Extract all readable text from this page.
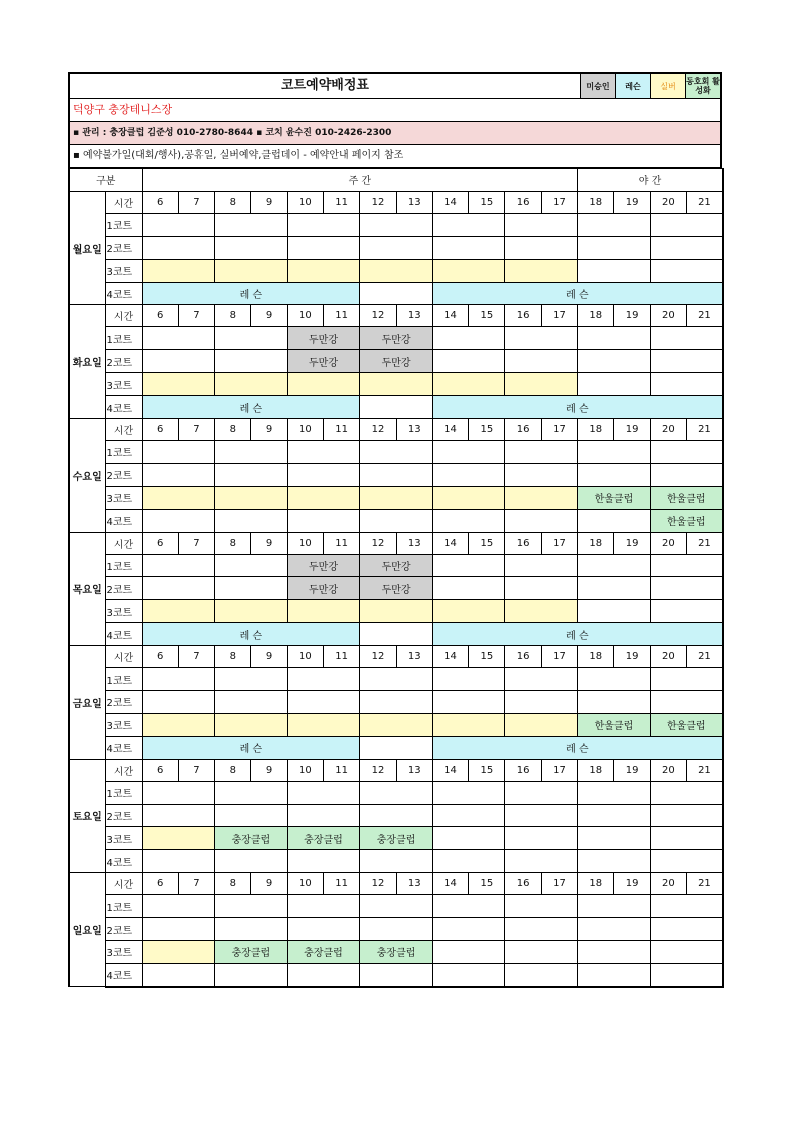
코트예약배정표	미승인	레슨	실버	동호회 활성화
덕양구 충장테니스장
▪ 관리 : 충장클럽 김준성 010-2780-8644 ▪ 코치 윤수진 010-2426-2300
▪ 예약불가일(대회/행사),공휴일, 실버예약,클럽데이 - 예약안내 페이지 참조
구분		주 간												야 간			
월요일	시간	6	7	8	9	10	11	12	13	14	15	16	17	18	19	20	21
	1코트																
	2코트																
	3코트																
	4코트	레 슨								레 슨							
화요일	시간	6	7	8	9	10	11	12	13	14	15	16	17	18	19	20	21
	1코트					두만강		두만강									
	2코트					두만강		두만강									
	3코트																
	4코트	레 슨								레 슨							
수요일	시간	6	7	8	9	10	11	12	13	14	15	16	17	18	19	20	21
	1코트																
	2코트																
	3코트													한울클럽		한울클럽	
	4코트															한울클럽	
목요일	시간	6	7	8	9	10	11	12	13	14	15	16	17	18	19	20	21
	1코트					두만강		두만강									
	2코트					두만강		두만강									
	3코트																
	4코트	레 슨								레 슨							
금요일	시간	6	7	8	9	10	11	12	13	14	15	16	17	18	19	20	21
	1코트																
	2코트																
	3코트													한울클럽		한울클럽	
	4코트	레 슨								레 슨							
토요일	시간	6	7	8	9	10	11	12	13	14	15	16	17	18	19	20	21
	1코트																
	2코트																
	3코트			충장클럽		충장클럽		충장클럽									
	4코트																
일요일	시간	6	7	8	9	10	11	12	13	14	15	16	17	18	19	20	21
	1코트																
	2코트																
	3코트			충장클럽		충장클럽		충장클럽									
	4코트																
